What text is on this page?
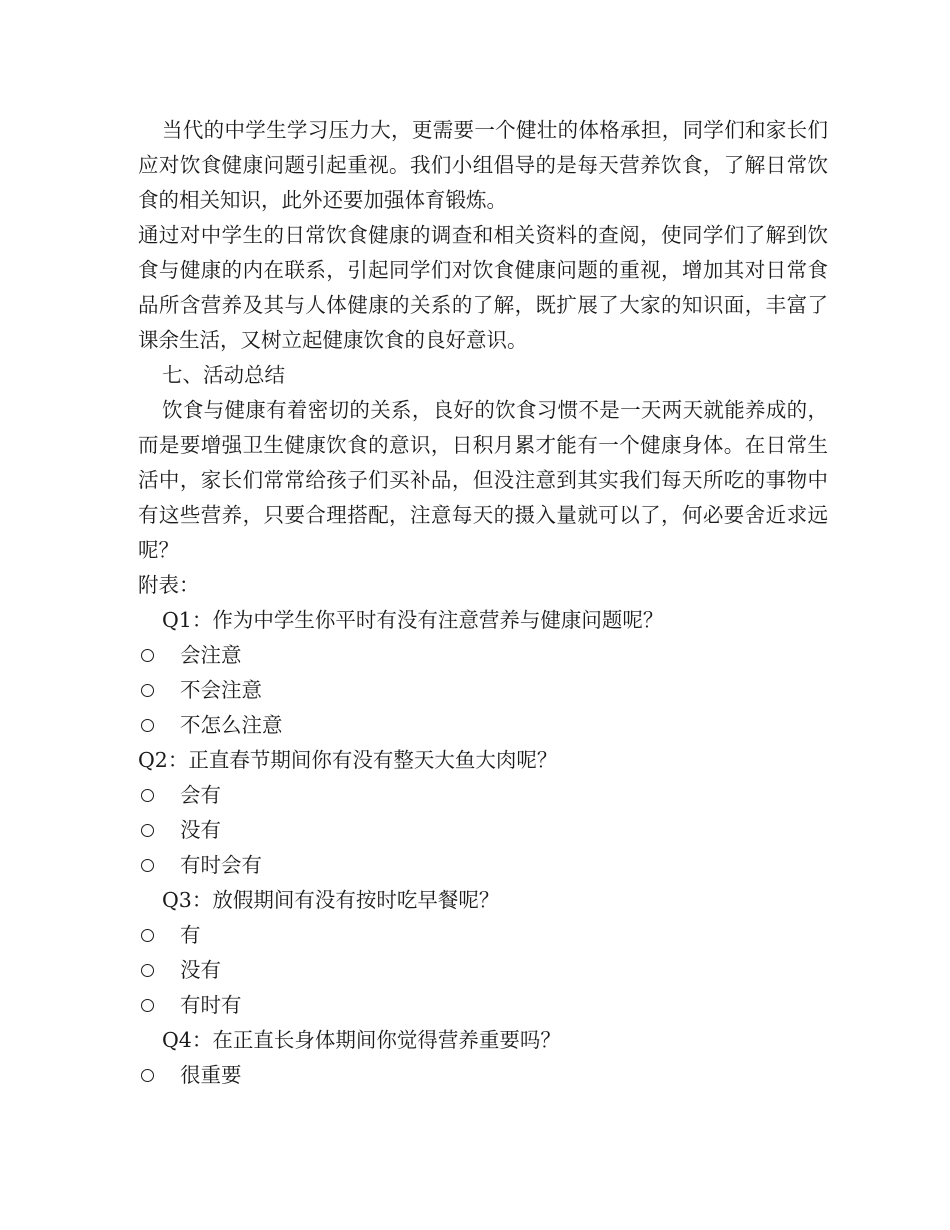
当代的中学生学习压力大，更需要一个健壮的体格承担，同学们和家长们应对饮食健康问题引起重视。我们小组倡导的是每天营养饮食，了解日常饮食的相关知识，此外还要加强体育锻炼。

通过对中学生的日常饮食健康的调查和相关资料的查阅，使同学们了解到饮食与健康的内在联系，引起同学们对饮食健康问题的重视，增加其对日常食品所含营养及其与人体健康的关系的了解，既扩展了大家的知识面，丰富了课余生活，又树立起健康饮食的良好意识。

七、活动总结

饮食与健康有着密切的关系，良好的饮食习惯不是一天两天就能养成的，而是要增强卫生健康饮食的意识，日积月累才能有一个健康身体。在日常生活中，家长们常常给孩子们买补品，但没注意到其实我们每天所吃的事物中有这些营养，只要合理搭配，注意每天的摄入量就可以了，何必要舍近求远呢？

附表：

Q1：作为中学生你平时有没有注意营养与健康问题呢？
会注意
不会注意
不怎么注意
Q2：正直春节期间你有没有整天大鱼大肉呢？
会有
没有
有时会有
Q3：放假期间有没有按时吃早餐呢？
有
没有
有时有
Q4：在正直长身体期间你觉得营养重要吗？
很重要
